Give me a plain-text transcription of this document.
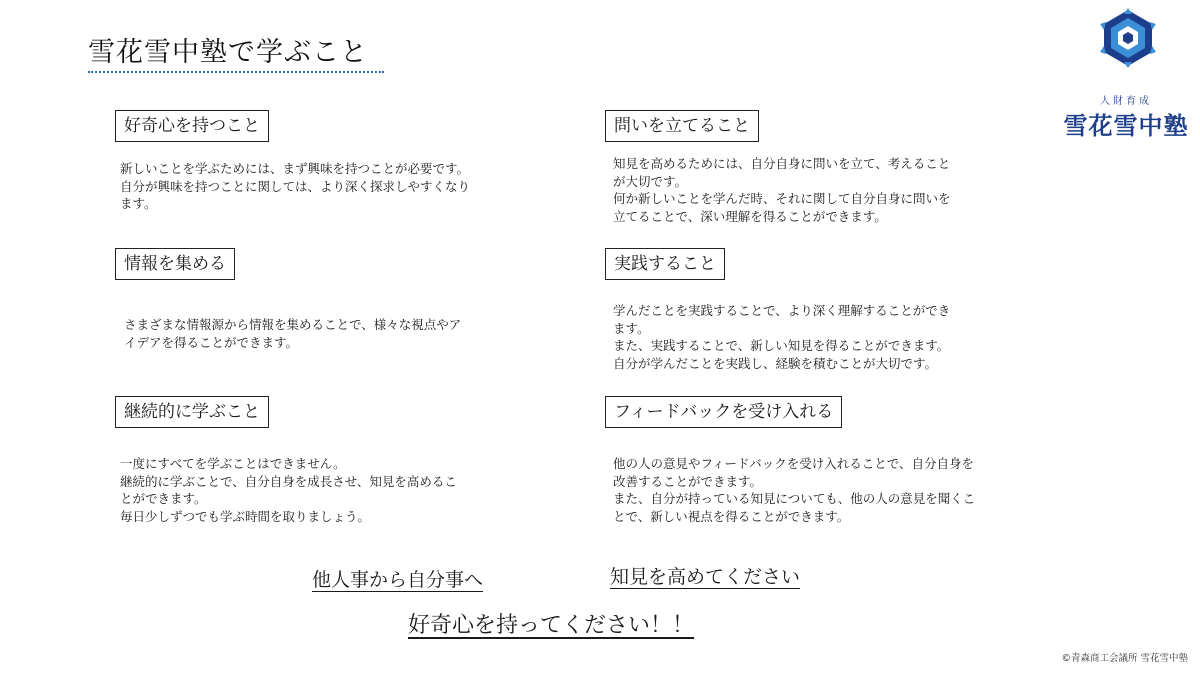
雪花雪中塾で学ぶこと
人財育成
雪花雪中塾
好奇心を持つこと
新しいことを学ぶためには、まず興味を持つことが必要です。
自分が興味を持つことに関しては、より深く探求しやすくなり
ます。
情報を集める
さまざまな情報源から情報を集めることで、様々な視点やア
イデアを得ることができます。
継続的に学ぶこと
一度にすべてを学ぶことはできません。
継続的に学ぶことで、自分自身を成長させ、知見を高めるこ
とができます。
毎日少しずつでも学ぶ時間を取りましょう。
問いを立てること
知見を高めるためには、自分自身に問いを立て、考えること
が大切です。
何か新しいことを学んだ時、それに関して自分自身に問いを
立てることで、深い理解を得ることができます。
実践すること
学んだことを実践することで、より深く理解することができ
ます。
また、実践することで、新しい知見を得ることができます。
自分が学んだことを実践し、経験を積むことが大切です。
フィードバックを受け入れる
他の人の意見やフィードバックを受け入れることで、自分自身を
改善することができます。
また、自分が持っている知見についても、他の人の意見を聞くこ
とで、新しい視点を得ることができます。
他人事から自分事へ	知見を高めてください
好奇心を持ってください！！
©青森商工会議所 雪花雪中塾
